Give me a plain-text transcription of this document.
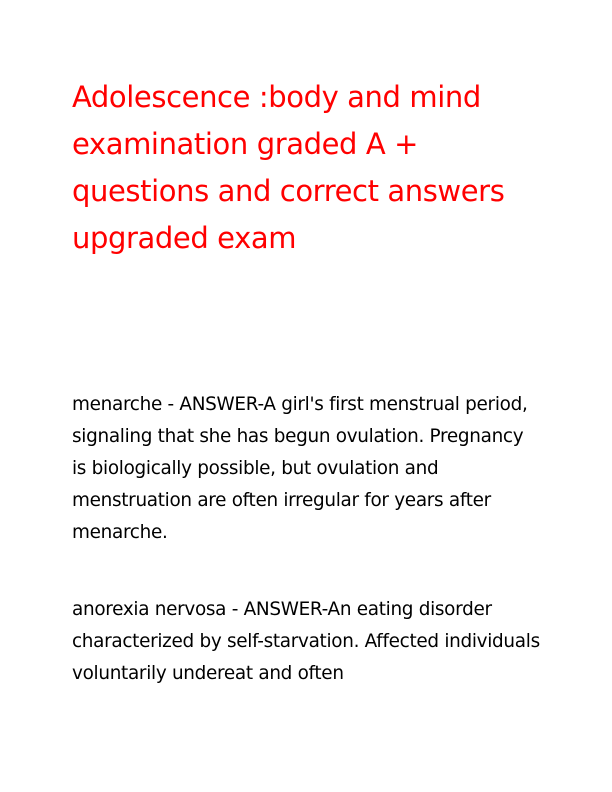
Adolescence :body and mind examination graded A + questions and correct answers upgraded exam

menarche - ANSWER-A girl's first menstrual period, signaling that she has begun ovulation. Pregnancy is biologically possible, but ovulation and menstruation are often irregular for years after menarche.

anorexia nervosa - ANSWER-An eating disorder characterized by self-starvation. Affected individuals voluntarily undereat and often
